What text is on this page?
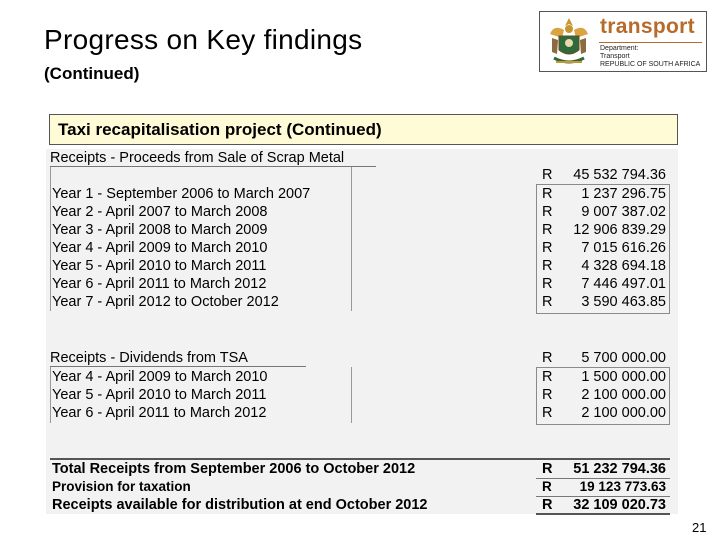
Progress on Key findings
(Continued)
transport
Department:
Transport
REPUBLIC OF SOUTH AFRICA
Taxi recapitalisation project (Continued)
Receipts - Proceeds from Sale of Scrap Metal
R	45 532 794.36
Year 1 - September 2006 to March 2007	R	1 237 296.75
Year 2 - April 2007 to March 2008	R	9 007 387.02
Year 3 - April 2008 to March 2009	R	12 906 839.29
Year 4 - April 2009 to March 2010	R	7 015 616.26
Year 5 - April 2010 to March 2011	R	4 328 694.18
Year 6 - April 2011 to March 2012	R	7 446 497.01
Year 7 - April 2012 to October 2012	R	3 590 463.85
Receipts - Dividends from TSA	R	5 700 000.00
Year 4 - April 2009 to March 2010	R	1 500 000.00
Year 5 - April 2010 to March 2011	R	2 100 000.00
Year 6 - April 2011 to March 2012	R	2 100 000.00
Total Receipts from September 2006 to October 2012	R	51 232 794.36
Provision for taxation	R	19 123 773.63
Receipts available for distribution at end October 2012	R	32 109 020.73
21
